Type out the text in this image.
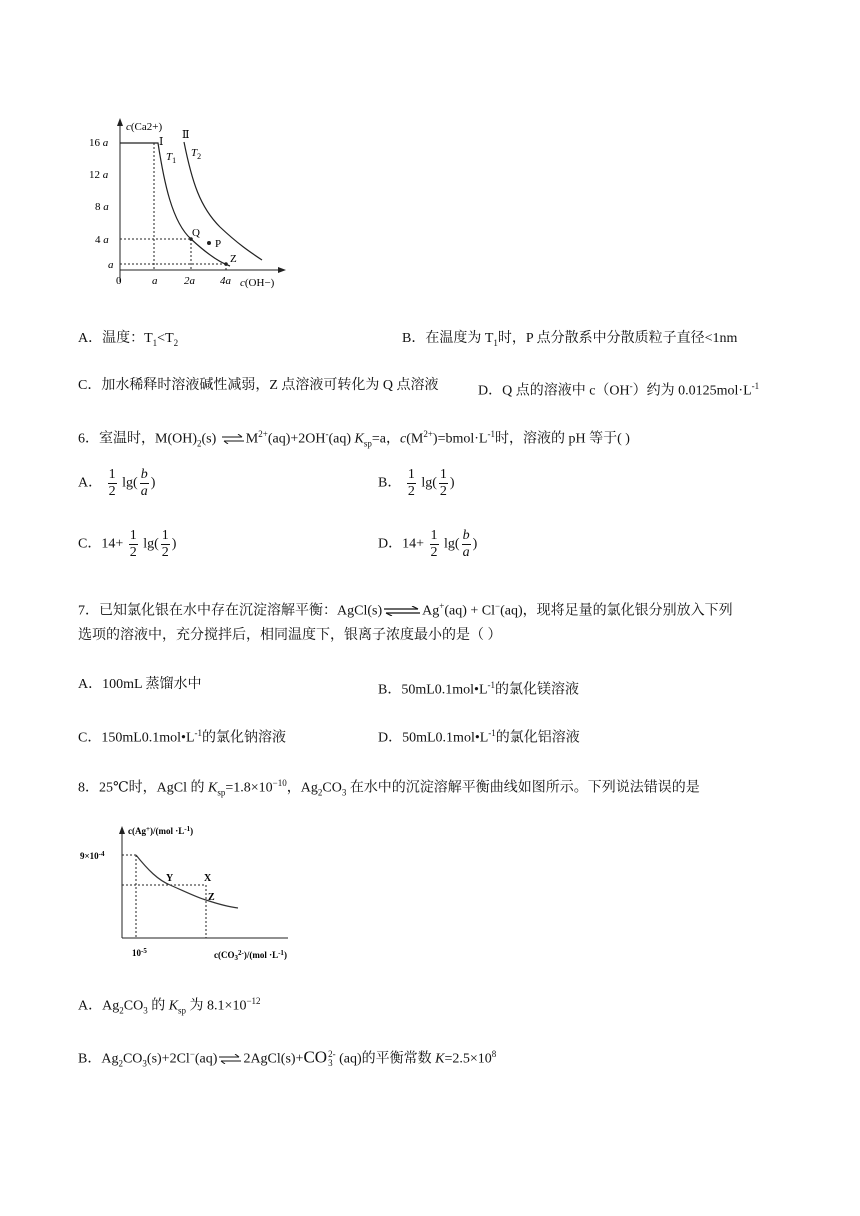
c(Ca2+)
16 a
12 a
8 a
4 a
a
0	a 2a 4a c(OH−)
Ⅰ
$T_1$
Ⅱ
$T_2$
Q
P
Z
A．温度：$T_1<T_2$	B．在温度为 $T_1$时，P 点分散系中分散质粒子直径<1nm
C．加水稀释时溶液碱性减弱，Z 点溶液可转化为 Q 点溶液	D．Q 点的溶液中 c（OH-）约为 $0.0125mol\cdot L^{-1}$
6．室温时，$M(OH)_2(s)$ $\rightleftharpoons M^{2+}(aq)+2OH^-(aq)$ $K_{sp}=a$，$c(M^{2+})=bmol\cdot L^{-1}$时，溶液的 pH 等于( )
A． $\frac{1}{2} \lg( \frac{b}{a}$ )	B． $\frac{1}{2} \lg( \frac{1}{2}$ )
C．$14+ \frac{1}{2} \lg( \frac{1}{2}$ )	D．$14+ \frac{1}{2} \lg( \frac{b}{a}$ )
7．已知氯化银在水中存在沉淀溶解平衡：AgCl(s)⇌Ag+(aq) + Cl−(aq)，现将足量的氯化银分别放入下列
选项的溶液中，充分搅拌后，相同温度下，银离子浓度最小的是（ ）
A．100mL 蒸馏水中	B．$50mL0.1mol•L^{-1}$的氯化镁溶液
C．$150mL0.1mol•L^{-1}$的氯化钠溶液	D．$50mL0.1mol•L^{-1}$的氯化铝溶液
8．25℃时，AgCl 的 $K_{sp}=1.8\times 10^{-10}$，$Ag_2CO_3$ 在水中的沉淀溶解平衡曲线如图所示。下列说法错误的是
$c(Ag^+)/(mol \cdot L^{-1})$
$9\times 10^{-4}$
$10^{-5}$	$c(CO_3^{2-})/(mol \cdot L^{-1})$
Y	X
Z
A．$Ag_2CO_3$ 的 $K_{sp}$ 为 $8.1\times 10^{-12}$
B．$Ag_2CO_3(s)+2Cl^-(aq)\rightleftharpoons 2AgCl(s)+CO$ 2-
3 (aq)的平衡常数 $K=2.5\times 10^8$
